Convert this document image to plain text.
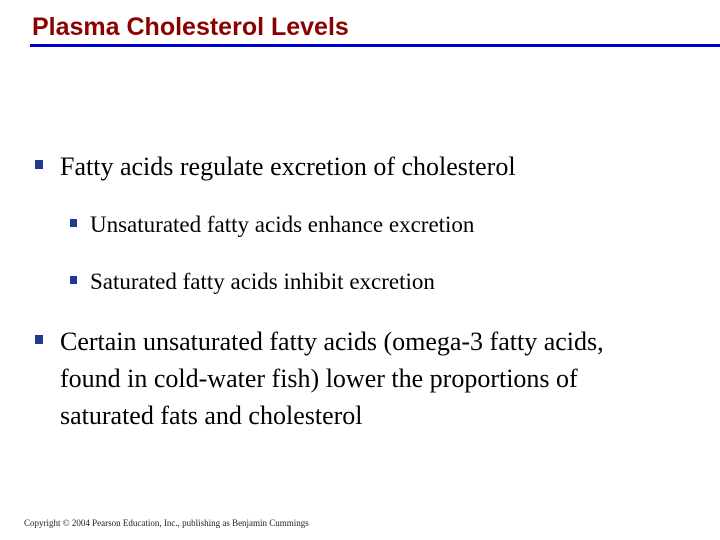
Plasma Cholesterol Levels
Fatty acids regulate excretion of cholesterol
Unsaturated fatty acids enhance excretion
Saturated fatty acids inhibit excretion
Certain unsaturated fatty acids (omega-3 fatty acids,
found in cold-water fish) lower the proportions of
saturated fats and cholesterol
Copyright © 2004 Pearson Education, Inc., publishing as Benjamin Cummings
